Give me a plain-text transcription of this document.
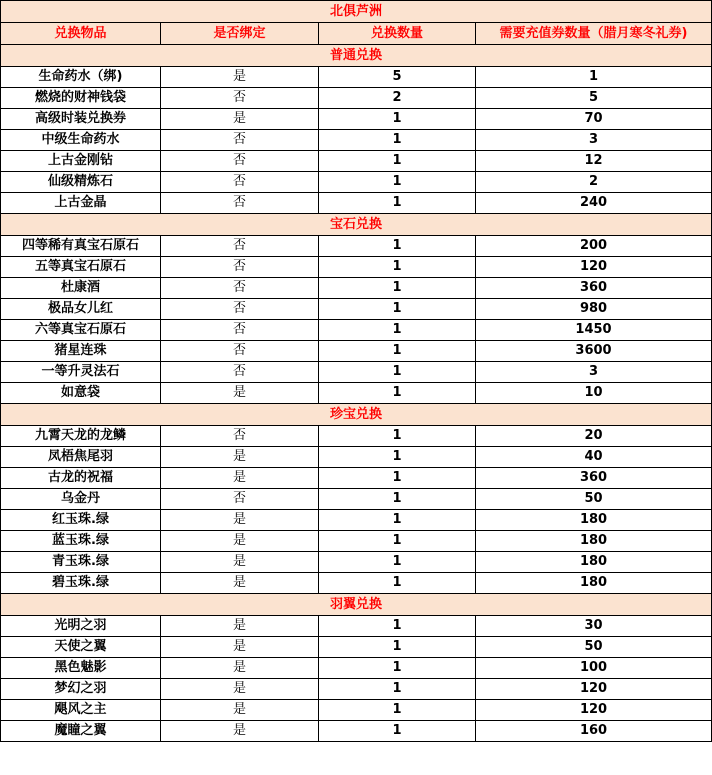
北俱芦洲			
兑换物品	是否绑定	兑换数量	需要充值券数量（腊月寒冬礼券)
普通兑换			
生命药水（绑)	是	5	1
燃烧的财神钱袋	否	2	5
高级时装兑换券	是	1	70
中级生命药水	否	1	3
上古金刚钻	否	1	12
仙级精炼石	否	1	2
上古金晶	否	1	240
宝石兑换			
四等稀有真宝石原石	否	1	200
五等真宝石原石	否	1	120
杜康酒	否	1	360
极品女儿红	否	1	980
六等真宝石原石	否	1	1450
猪星连珠	否	1	3600
一等升灵法石	否	1	3
如意袋	是	1	10
珍宝兑换			
九霄天龙的龙鳞	否	1	20
凤梧焦尾羽	是	1	40
古龙的祝福	是	1	360
乌金丹	否	1	50
红玉珠.绿	是	1	180
蓝玉珠.绿	是	1	180
青玉珠.绿	是	1	180
碧玉珠.绿	是	1	180
羽翼兑换			
光明之羽	是	1	30
天使之翼	是	1	50
黑色魅影	是	1	100
梦幻之羽	是	1	120
飓风之主	是	1	120
魔瞳之翼	是	1	160
